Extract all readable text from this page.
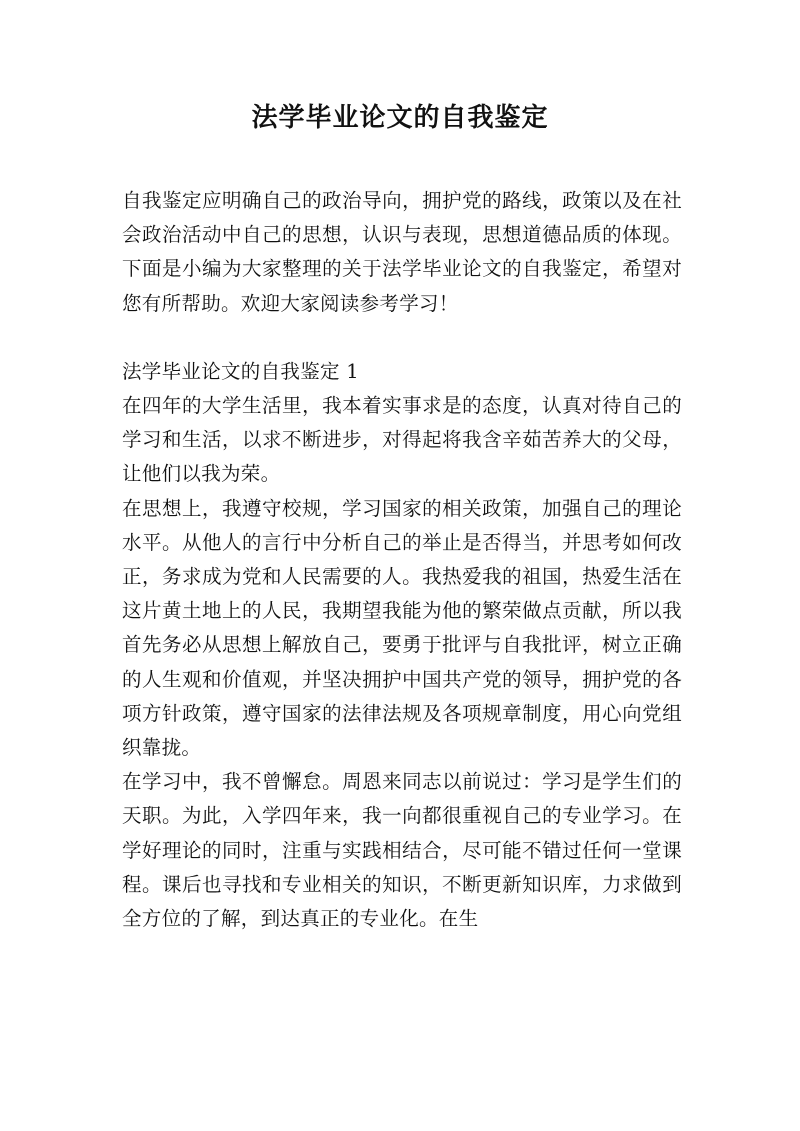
法学毕业论文的自我鉴定

自我鉴定应明确自己的政治导向，拥护党的路线，政策以及在社会政治活动中自己的思想，认识与表现，思想道德品质的体现。下面是小编为大家整理的关于法学毕业论文的自我鉴定，希望对您有所帮助。欢迎大家阅读参考学习！

法学毕业论文的自我鉴定 1

在四年的大学生活里，我本着实事求是的态度，认真对待自己的学习和生活，以求不断进步，对得起将我含辛茹苦养大的父母，让他们以我为荣。

在思想上，我遵守校规，学习国家的相关政策，加强自己的理论水平。从他人的言行中分析自己的举止是否得当，并思考如何改正，务求成为党和人民需要的人。我热爱我的祖国，热爱生活在这片黄土地上的人民，我期望我能为他的繁荣做点贡献，所以我首先务必从思想上解放自己，要勇于批评与自我批评，树立正确的人生观和价值观，并坚决拥护中国共产党的领导，拥护党的各项方针政策，遵守国家的法律法规及各项规章制度，用心向党组织靠拢。

在学习中，我不曾懈怠。周恩来同志以前说过：学习是学生们的天职。为此，入学四年来，我一向都很重视自己的专业学习。在学好理论的同时，注重与实践相结合，尽可能不错过任何一堂课程。课后也寻找和专业相关的知识，不断更新知识库，力求做到全方位的了解，到达真正的专业化。在生
